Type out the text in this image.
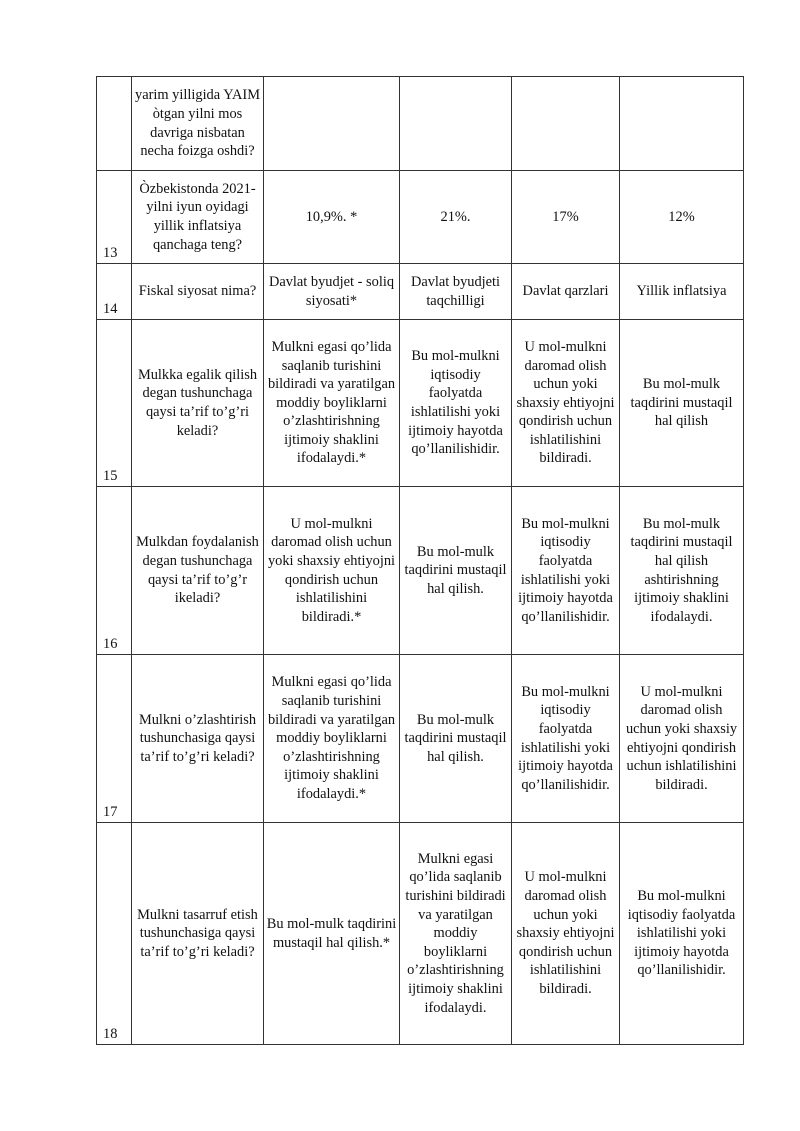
	yarim yilligida YAIM òtgan yilni mos davriga nisbatan necha foizga oshdi?				
13	Òzbekistonda 2021-yilni iyun oyidagi yillik inflatsiya qanchaga teng?	10,9%. *	21%.	17%	12%
14	Fiskal siyosat nima?	Davlat byudjet - soliq siyosati*	Davlat byudjeti taqchilligi	Davlat qarzlari	Yillik inflatsiya
15	Mulkka egalik qilish degan tushunchaga qaysi ta’rif to’g’ri keladi?	Mulkni egasi qo’lida saqlanib turishini bildiradi va yaratilgan moddiy boyliklarni o’zlashtirishning ijtimoiy shaklini ifodalaydi.*	Bu mol-mulkni iqtisodiy faolyatda ishlatilishi yoki ijtimoiy hayotda qo’llanilishidir.	U mol-mulkni daromad olish uchun yoki shaxsiy ehtiyojni qondirish uchun ishlatilishini bildiradi.	Bu mol-mulk taqdirini mustaqil hal qilish
16	Mulkdan foydalanish degan tushunchaga qaysi ta’rif to’g’r ikeladi?	U mol-mulkni daromad olish uchun yoki shaxsiy ehtiyojni qondirish uchun ishlatilishini bildiradi.*	Bu mol-mulk taqdirini mustaqil hal qilish.	Bu mol-mulkni iqtisodiy faolyatda ishlatilishi yoki ijtimoiy hayotda qo’llanilishidir.	Bu mol-mulk taqdirini mustaqil hal qilish ashtirishning ijtimoiy shaklini ifodalaydi.
17	Mulkni o’zlashtirish tushunchasiga qaysi ta’rif to’g’ri keladi?	Mulkni egasi qo’lida saqlanib turishini bildiradi va yaratilgan moddiy boyliklarni o’zlashtirishning ijtimoiy shaklini ifodalaydi.*	Bu mol-mulk taqdirini mustaqil hal qilish.	Bu mol-mulkni iqtisodiy faolyatda ishlatilishi yoki ijtimoiy hayotda qo’llanilishidir.	U mol-mulkni daromad olish uchun yoki shaxsiy ehtiyojni qondirish uchun ishlatilishini bildiradi.
18	Mulkni tasarruf etish tushunchasiga qaysi ta’rif to’g’ri keladi?	Bu mol-mulk taqdirini mustaqil hal qilish.*	Mulkni egasi qo’lida saqlanib turishini bildiradi va yaratilgan moddiy boyliklarni o’zlashtirishning ijtimoiy shaklini ifodalaydi.	U mol-mulkni daromad olish uchun yoki shaxsiy ehtiyojni qondirish uchun ishlatilishini bildiradi.	Bu mol-mulkni iqtisodiy faolyatda ishlatilishi yoki ijtimoiy hayotda qo’llanilishidir.
